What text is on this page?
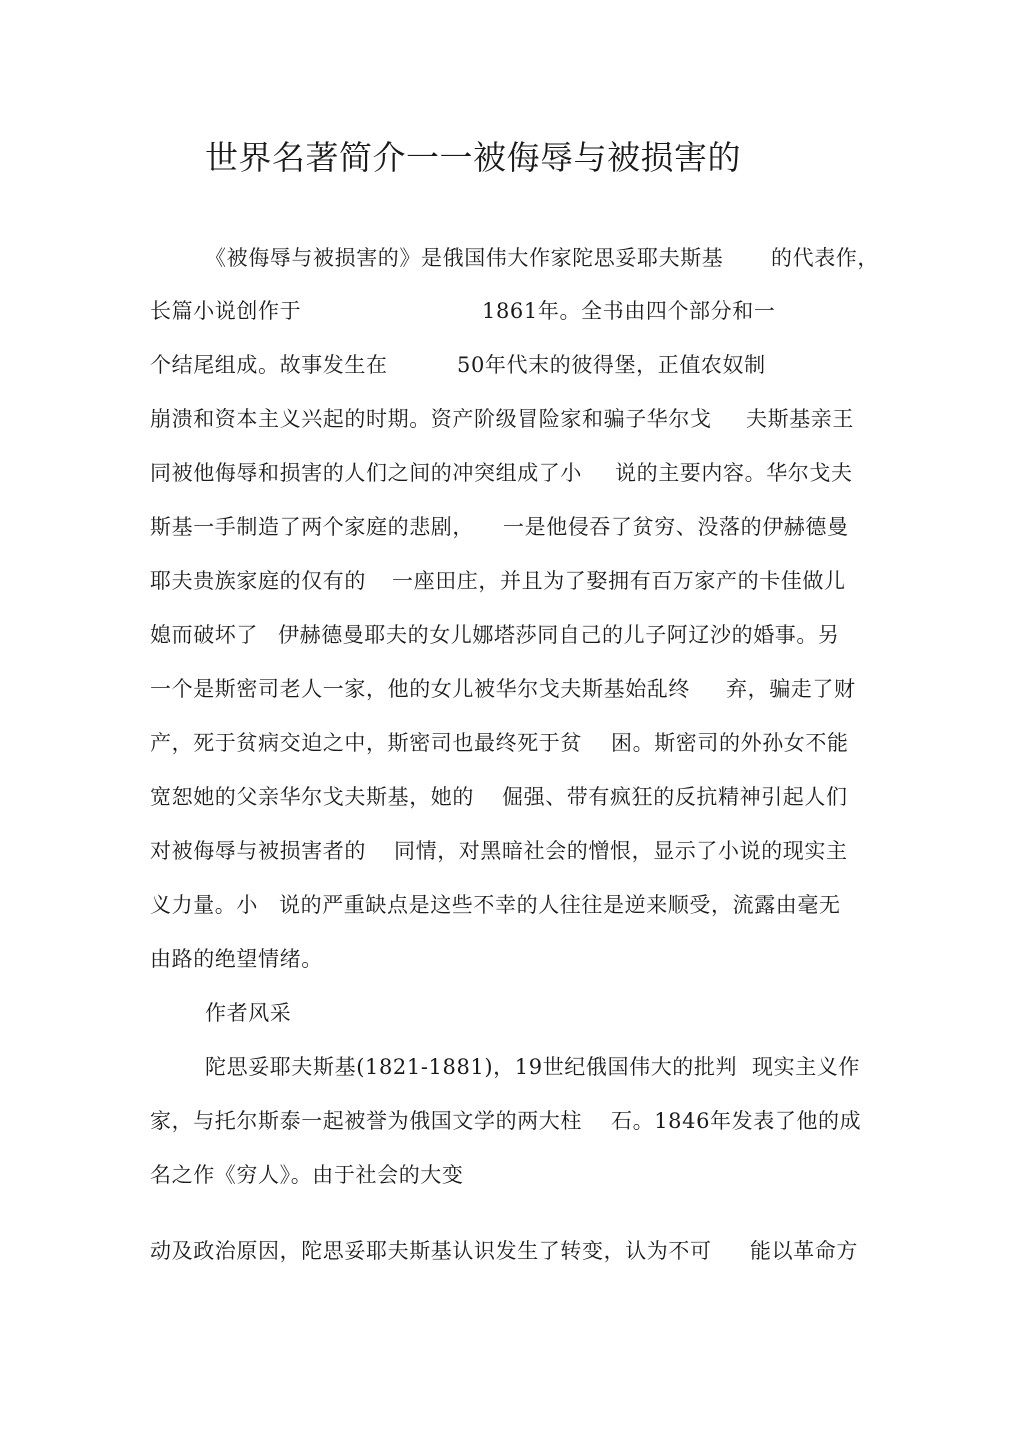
世界名著简介一一被侮辱与被损害的
《被侮辱与被损害的》是俄国伟大作家陀思妥耶夫斯基 的代表作，
长篇小说创作于	1861年。全书由四个部分和一
个结尾组成。故事发生在	50年代末的彼得堡，正值农奴制
崩溃和资本主义兴起的时期。资产阶级冒险家和骗子华尔戈 夫斯基亲王
同被他侮辱和损害的人们之间的冲突组成了小 说的主要内容。华尔戈夫
斯基一手制造了两个家庭的悲剧， 一是他侵吞了贫穷、没落的伊赫德曼
耶夫贵族家庭的仅有的 一座田庄，并且为了娶拥有百万家产的卡佳做儿
媳而破坏了 伊赫德曼耶夫的女儿娜塔莎同自己的儿子阿辽沙的婚事。另
一个是斯密司老人一家，他的女儿被华尔戈夫斯基始乱终 弃，骗走了财
产，死于贫病交迫之中，斯密司也最终死于贫 困。斯密司的外孙女不能
宽恕她的父亲华尔戈夫斯基，她的 倔强、带有疯狂的反抗精神引起人们
对被侮辱与被损害者的 同情，对黑暗社会的憎恨，显示了小说的现实主
义力量。小 说的严重缺点是这些不幸的人往往是逆来顺受，流露由毫无
由路的绝望情绪。
作者风采
陀思妥耶夫斯基(1821-1881)，19世纪俄国伟大的批判 现实主义作
家，与托尔斯泰一起被誉为俄国文学的两大柱 石。1846年发表了他的成
名之作《穷人》。由于社会的大变
动及政治原因，陀思妥耶夫斯基认识发生了转变，认为不可 能以革命方
